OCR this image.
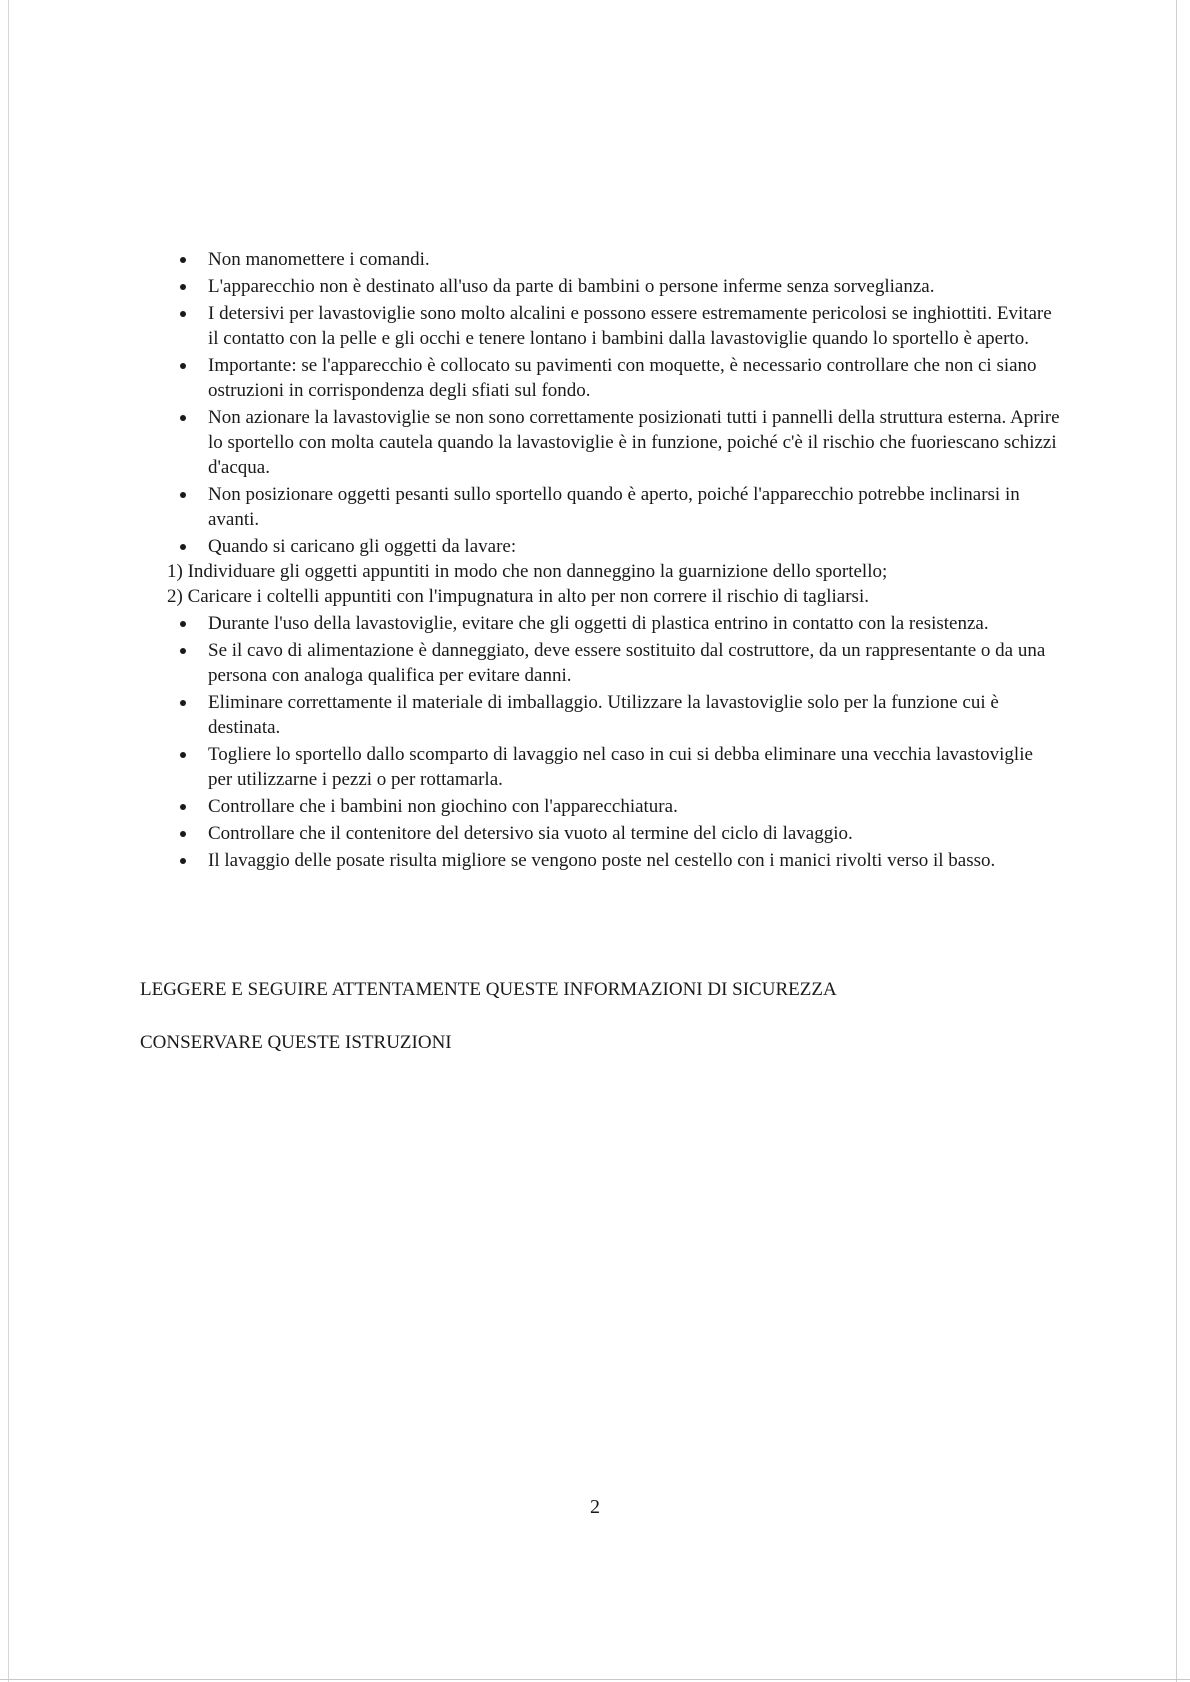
Non manomettere i comandi.
L'apparecchio non è destinato all'uso da parte di bambini o persone inferme senza sorveglianza.
I detersivi per lavastoviglie sono molto alcalini e possono essere estremamente pericolosi se inghiottiti. Evitare il contatto con la pelle e gli occhi e tenere lontano i bambini dalla lavastoviglie quando lo sportello è aperto.
Importante: se l'apparecchio è collocato su pavimenti con moquette, è necessario controllare che non ci siano ostruzioni in corrispondenza degli sfiati sul fondo.
Non azionare la lavastoviglie se non sono correttamente posizionati tutti i pannelli della struttura esterna. Aprire lo sportello con molta cautela quando la lavastoviglie è in funzione, poiché c'è il rischio che fuoriescano schizzi d'acqua.
Non posizionare oggetti pesanti sullo sportello quando è aperto, poiché l'apparecchio potrebbe inclinarsi in avanti.
Quando si caricano gli oggetti da lavare:
1) Individuare gli oggetti appuntiti in modo che non danneggino la guarnizione dello sportello;
2) Caricare i coltelli appuntiti con l'impugnatura in alto per non correre il rischio di tagliarsi.
Durante l'uso della lavastoviglie, evitare che gli oggetti di plastica entrino in contatto con la resistenza.
Se il cavo di alimentazione è danneggiato, deve essere sostituito dal costruttore, da un rappresentante o da una persona con analoga qualifica per evitare danni.
Eliminare correttamente il materiale di imballaggio. Utilizzare la lavastoviglie solo per la funzione cui è destinata.
Togliere lo sportello dallo scomparto di lavaggio nel caso in cui si debba eliminare una vecchia lavastoviglie per utilizzarne i pezzi o per rottamarla.
Controllare che i bambini non giochino con l'apparecchiatura.
Controllare che il contenitore del detersivo sia vuoto al termine del ciclo di lavaggio.
Il lavaggio delle posate risulta migliore se vengono poste nel cestello con i manici rivolti verso il basso.
LEGGERE E SEGUIRE ATTENTAMENTE QUESTE INFORMAZIONI DI SICUREZZA
CONSERVARE QUESTE ISTRUZIONI
2
